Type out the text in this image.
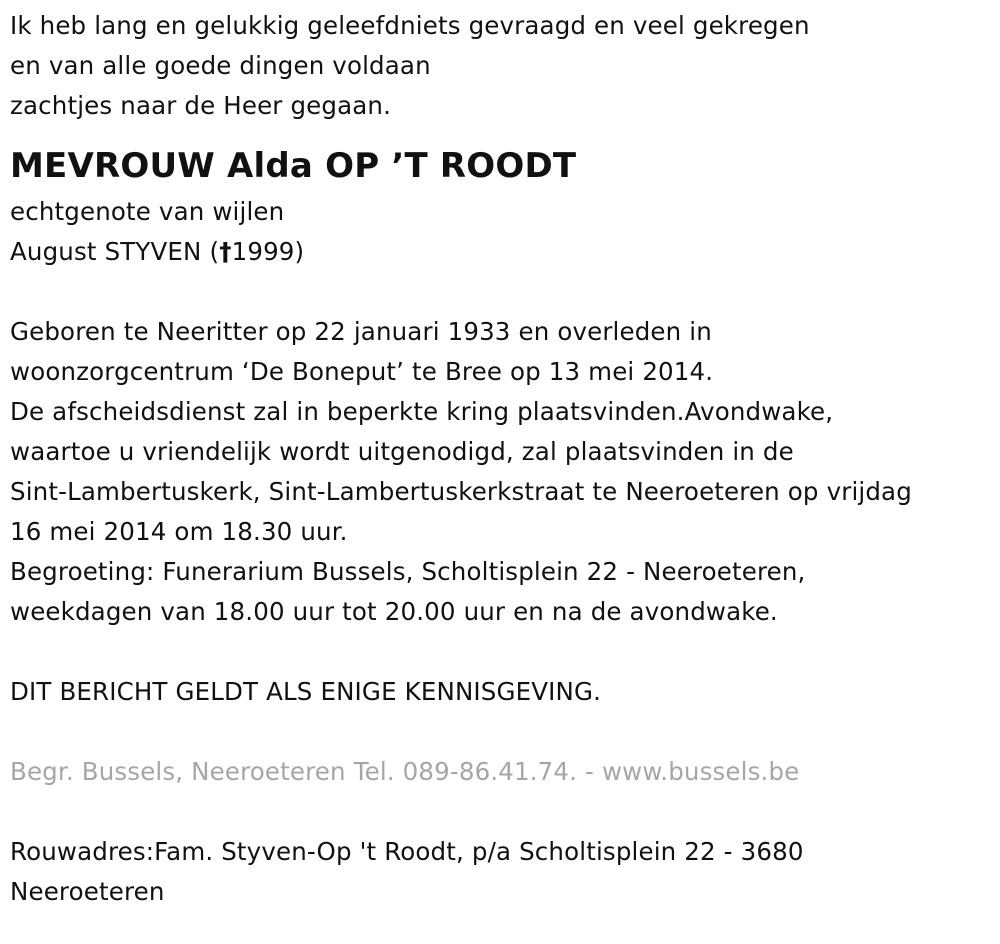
Ik heb lang en gelukkig geleefdniets gevraagd en veel gekregen
en van alle goede dingen voldaan
zachtjes naar de Heer gegaan.
MEVROUW Alda OP ’T ROODT
echtgenote van wijlen
August STYVEN (†1999)
Geboren te Neeritter op 22 januari 1933 en overleden in
woonzorgcentrum ‘De Boneput’ te Bree op 13 mei 2014.
De afscheidsdienst zal in beperkte kring plaatsvinden.Avondwake,
waartoe u vriendelijk wordt uitgenodigd, zal plaatsvinden in de
Sint-Lambertuskerk, Sint-Lambertuskerkstraat te Neeroeteren op vrijdag
16 mei 2014 om 18.30 uur.
Begroeting: Funerarium Bussels, Scholtisplein 22 - Neeroeteren,
weekdagen van 18.00 uur tot 20.00 uur en na de avondwake.
DIT BERICHT GELDT ALS ENIGE KENNISGEVING.
Begr. Bussels, Neeroeteren Tel. 089-86.41.74. - www.bussels.be
Rouwadres:Fam. Styven-Op 't Roodt, p/a Scholtisplein 22 - 3680
Neeroeteren
